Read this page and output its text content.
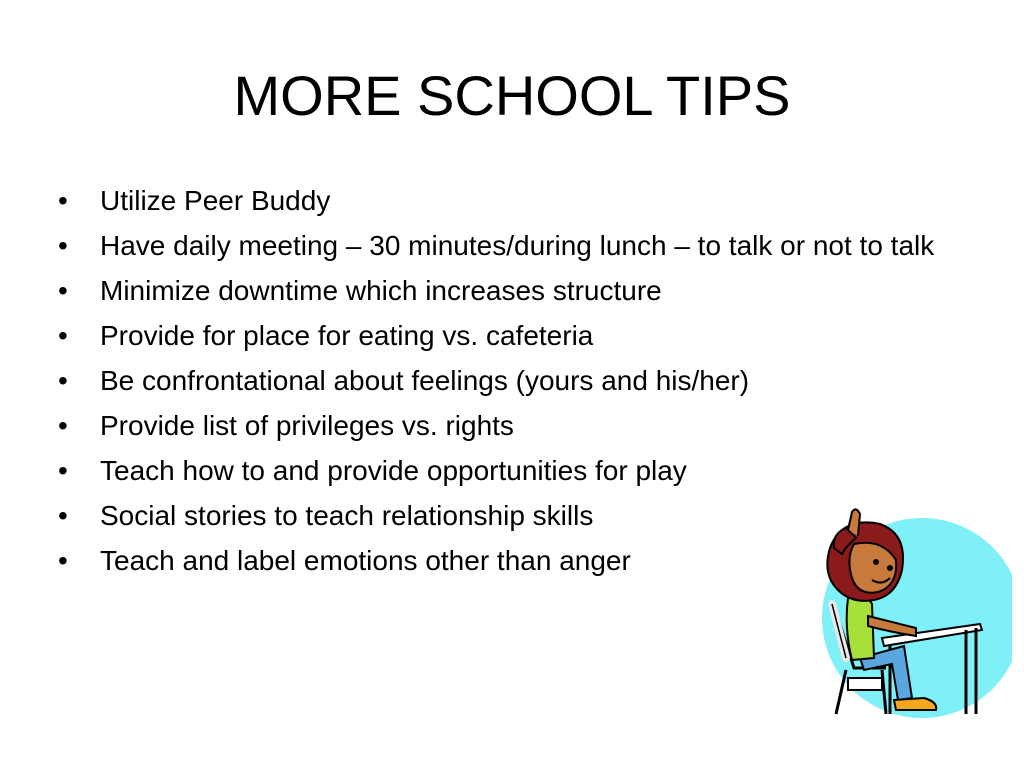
MORE SCHOOL TIPS
• Utilize Peer Buddy
• Have daily meeting – 30 minutes/during lunch – to talk or not to talk
• Minimize downtime which increases structure
• Provide for place for eating vs. cafeteria
• Be confrontational about feelings (yours and his/her)
• Provide list of privileges vs. rights
• Teach how to and provide opportunities for play
• Social stories to teach relationship skills
• Teach and label emotions other than anger
